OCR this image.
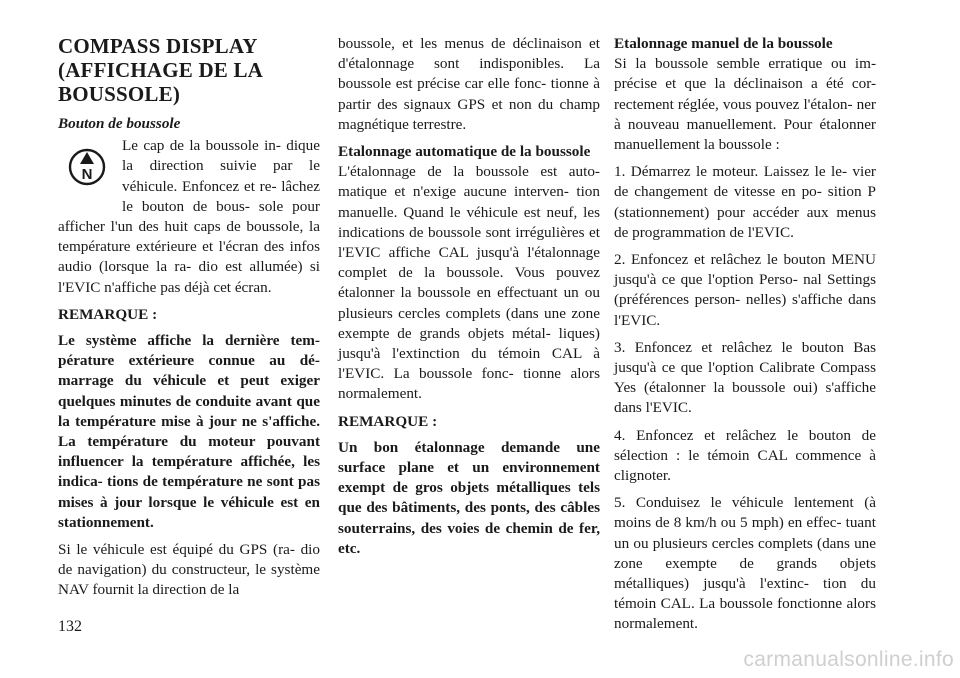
COMPASS DISPLAY
(AFFICHAGE DE LA
BOUSSOLE)
Bouton de boussole
N

Le cap de la boussole in- dique la direction suivie par le véhicule. Enfoncez et re- lâchez le bouton de bous- sole pour afficher l'un des huit caps de boussole, la température extérieure et l'écran des infos audio (lorsque la ra- dio est allumée) si l'EVIC n'affiche pas déjà cet écran.

REMARQUE :

Le système affiche la dernière tem- pérature extérieure connue au dé- marrage du véhicule et peut exiger quelques minutes de conduite avant que la température mise à jour ne s'affiche. La température du moteur pouvant influencer la température affichée, les indica- tions de température ne sont pas mises à jour lorsque le véhicule est en stationnement.

Si le véhicule est équipé du GPS (ra- dio de navigation) du constructeur, le système NAV fournit la direction de la

boussole, et les menus de déclinaison et d'étalonnage sont indisponibles. La boussole est précise car elle fonc- tionne à partir des signaux GPS et non du champ magnétique terrestre.

Etalonnage automatique de la boussole

L'étalonnage de la boussole est auto- matique et n'exige aucune interven- tion manuelle. Quand le véhicule est neuf, les indications de boussole sont irrégulières et l'EVIC affiche CAL jusqu'à l'étalonnage complet de la boussole. Vous pouvez étalonner la boussole en effectuant un ou plusieurs cercles complets (dans une zone exempte de grands objets métal- liques) jusqu'à l'extinction du témoin CAL à l'EVIC. La boussole fonc- tionne alors normalement.

REMARQUE :

Un bon étalonnage demande une surface plane et un environnement exempt de gros objets métalliques tels que des bâtiments, des ponts, des câbles souterrains, des voies de chemin de fer, etc.

Etalonnage manuel de la boussole

Si la boussole semble erratique ou im- précise et que la déclinaison a été cor- rectement réglée, vous pouvez l'étalon- ner à nouveau manuellement. Pour étalonner manuellement la boussole :

1. Démarrez le moteur. Laissez le le- vier de changement de vitesse en po- sition P (stationnement) pour accéder aux menus de programmation de l'EVIC.

2. Enfoncez et relâchez le bouton MENU jusqu'à ce que l'option Perso- nal Settings (préférences person- nelles) s'affiche dans l'EVIC.

3. Enfoncez et relâchez le bouton Bas jusqu'à ce que l'option Calibrate Compass Yes (étalonner la boussole oui) s'affiche dans l'EVIC.

4. Enfoncez et relâchez le bouton de sélection : le témoin CAL commence à clignoter.

5. Conduisez le véhicule lentement (à moins de 8 km/h ou 5 mph) en effec- tuant un ou plusieurs cercles complets (dans une zone exempte de grands objets métalliques) jusqu'à l'extinc- tion du témoin CAL. La boussole fonctionne alors normalement.

132
carmanualsonline.info
